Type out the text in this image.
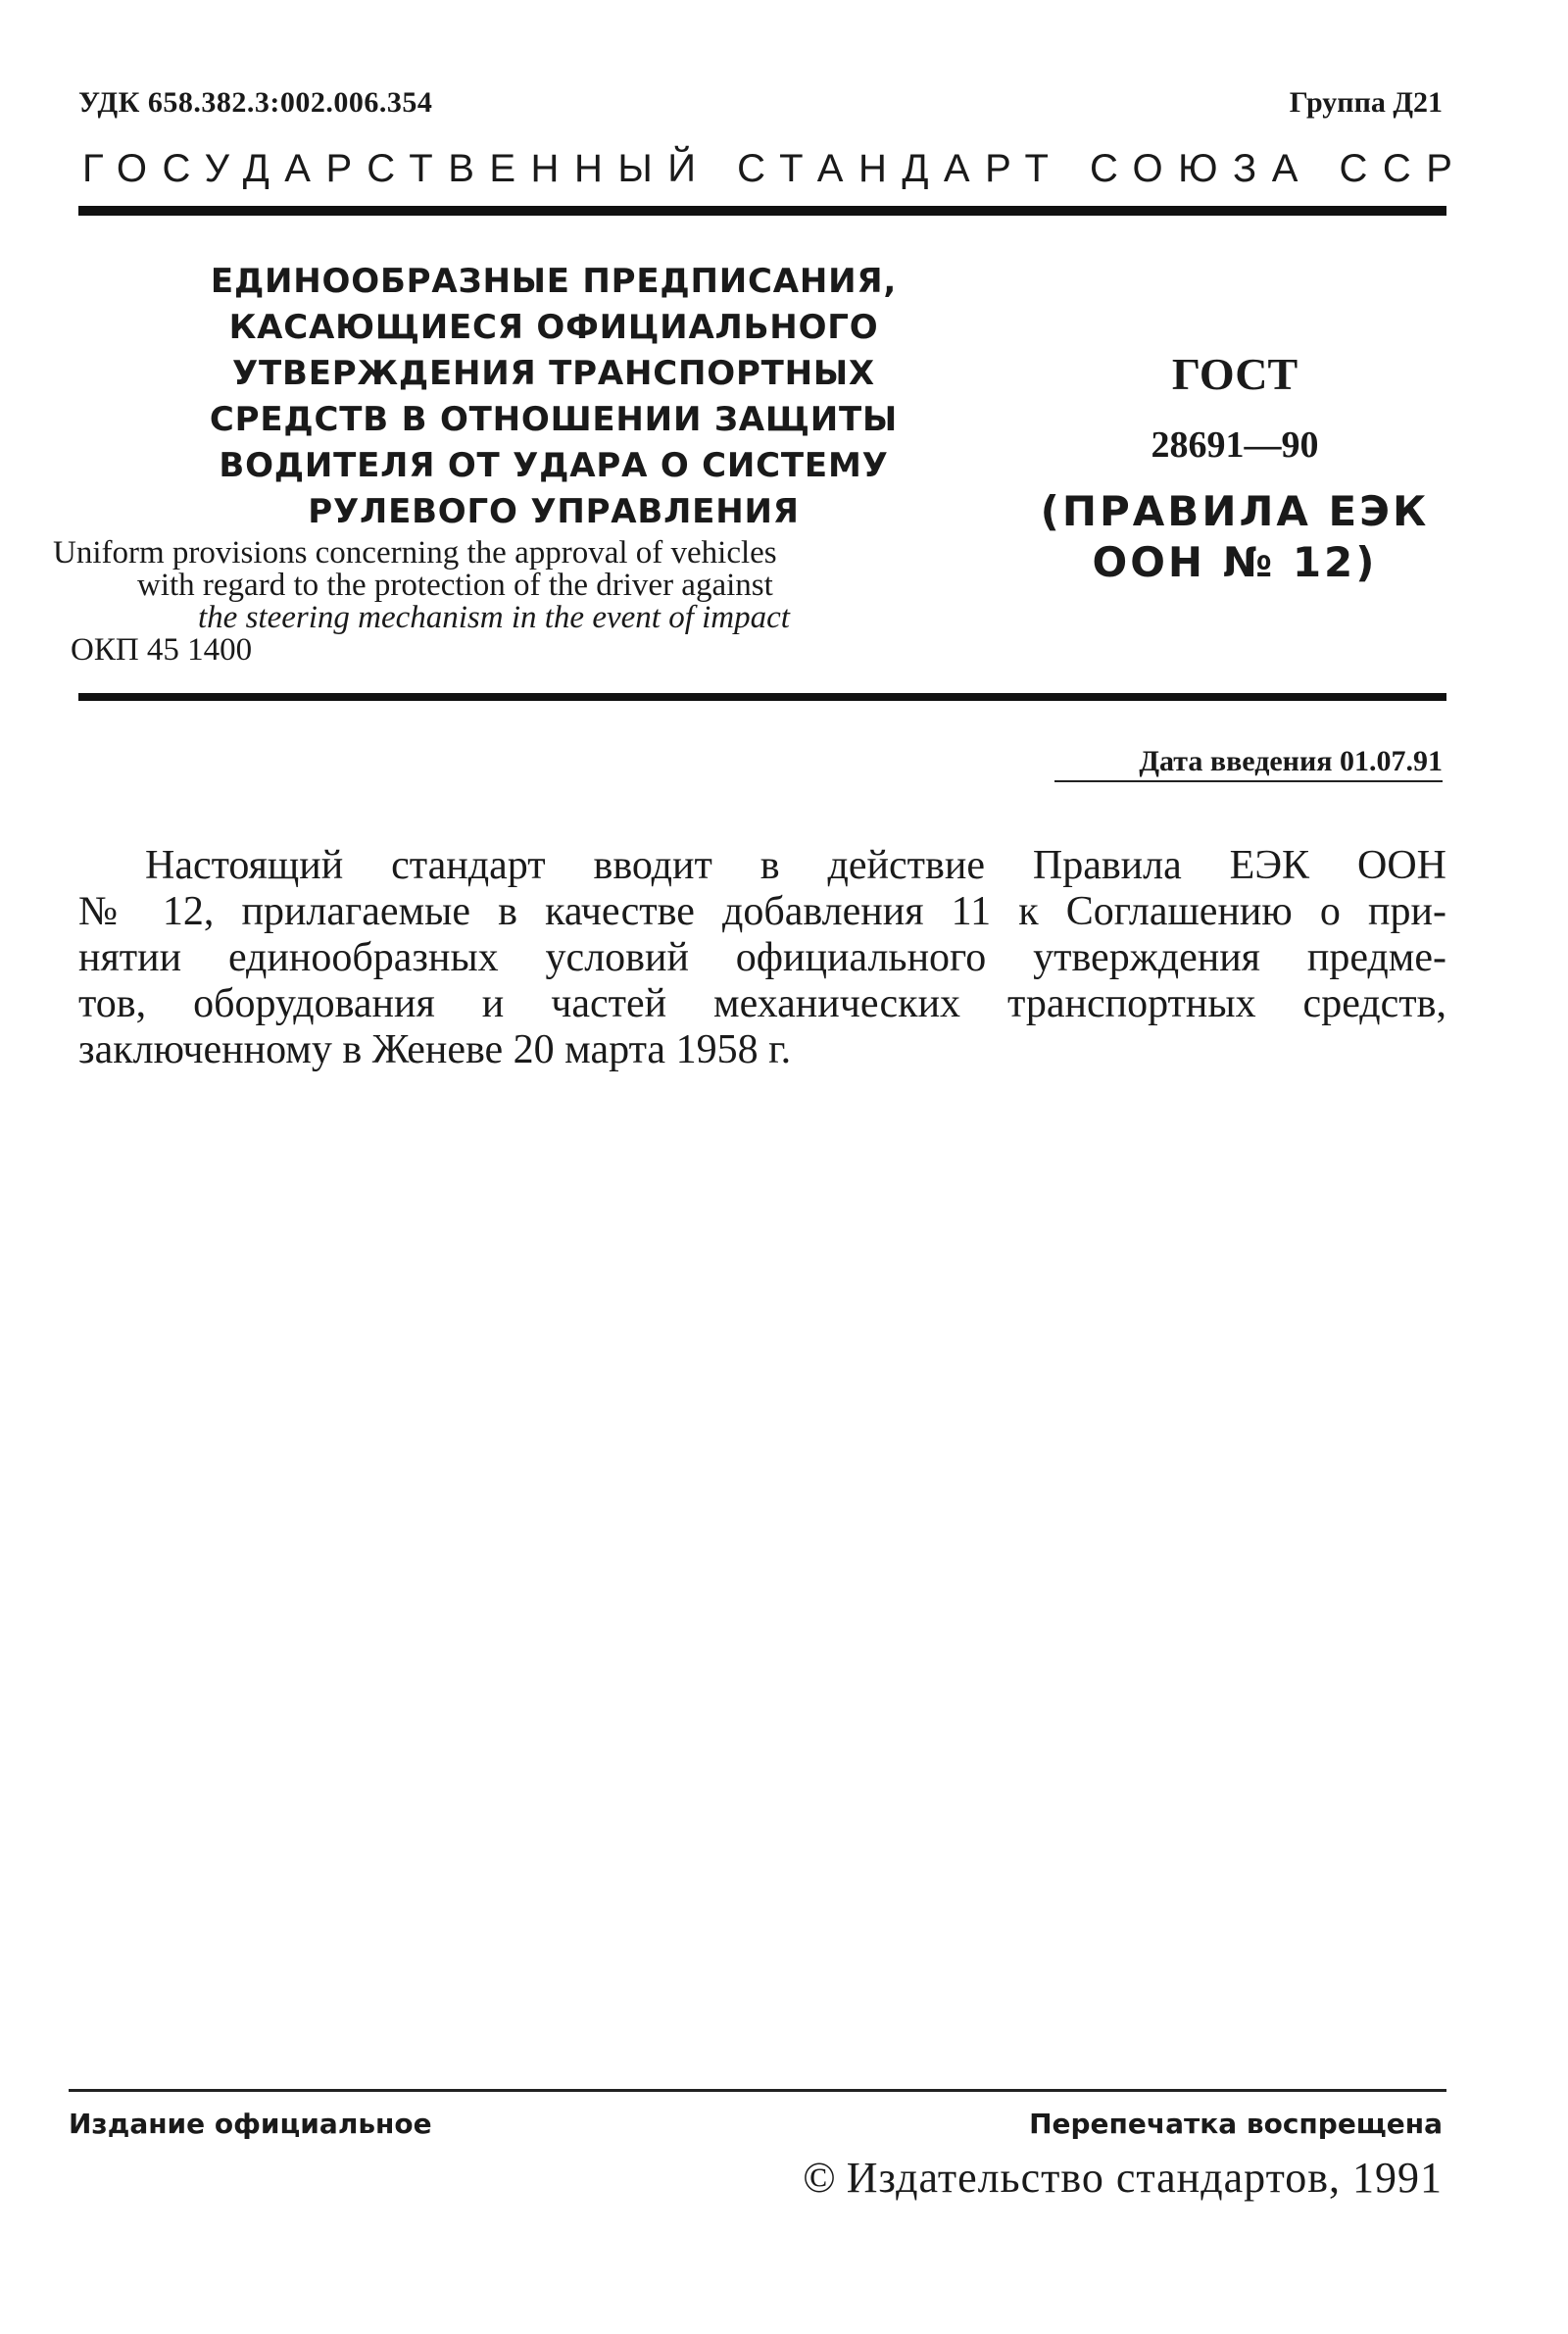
УДК 658.382.3:002.006.354	Группа Д21
ГОСУДАРСТВЕННЫЙ СТАНДАРТ СОЮЗА ССР
ЕДИНООБРАЗНЫЕ ПРЕДПИСАНИЯ,
КАСАЮЩИЕСЯ ОФИЦИАЛЬНОГО
УТВЕРЖДЕНИЯ ТРАНСПОРТНЫХ
СРЕДСТВ В ОТНОШЕНИИ ЗАЩИТЫ
ВОДИТЕЛЯ ОТ УДАРА О СИСТЕМУ
РУЛЕВОГО УПРАВЛЕНИЯ
Uniform provisions concerning the approval of vehicles
with regard to the protection of the driver against
the steering mechanism in the event of impact
ОКП 45 1400
ГОСТ
28691—90
(ПРАВИЛА ЕЭК
ООН № 12)
Дата введения 01.07.91
Настоящий стандарт вводит в действие Правила ЕЭК ООН
№ 12, прилагаемые в качестве добавления 11 к Соглашению о при-
нятии единообразных условий официального утверждения предме-
тов, оборудования и частей механических транспортных средств,
заключенному в Женеве 20 марта 1958 г.
Издание официальное	Перепечатка воспрещена
© Издательство стандартов, 1991
